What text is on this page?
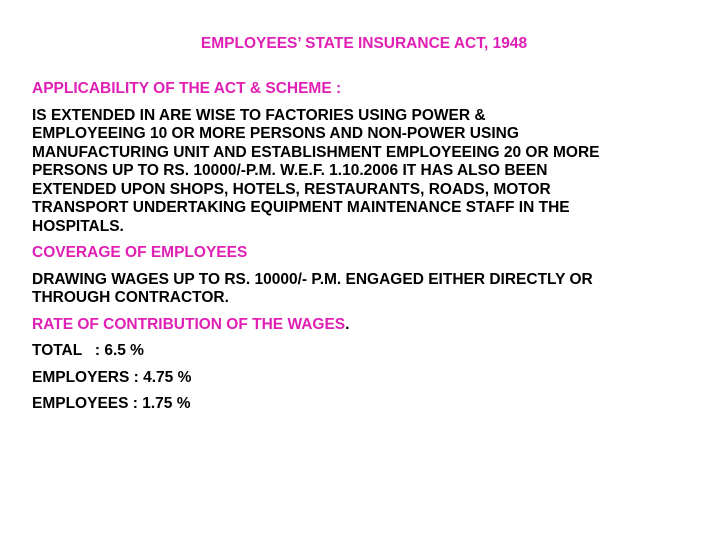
EMPLOYEES’ STATE INSURANCE ACT, 1948
APPLICABILITY OF THE ACT & SCHEME :
IS EXTENDED IN ARE WISE TO FACTORIES USING POWER &
EMPLOYEEING 10 OR MORE PERSONS AND NON-POWER USING
MANUFACTURING UNIT AND ESTABLISHMENT EMPLOYEEING 20 OR MORE
PERSONS UP TO RS. 10000/-P.M. W.E.F. 1.10.2006 IT HAS ALSO BEEN
EXTENDED UPON SHOPS, HOTELS, RESTAURANTS, ROADS, MOTOR
TRANSPORT UNDERTAKING EQUIPMENT MAINTENANCE STAFF IN THE
HOSPITALS.
COVERAGE OF EMPLOYEES
DRAWING WAGES UP TO RS. 10000/- P.M. ENGAGED EITHER DIRECTLY OR
THROUGH CONTRACTOR.
RATE OF CONTRIBUTION OF THE WAGES.
TOTAL   : 6.5 %
EMPLOYERS : 4.75 %
EMPLOYEES : 1.75 %
